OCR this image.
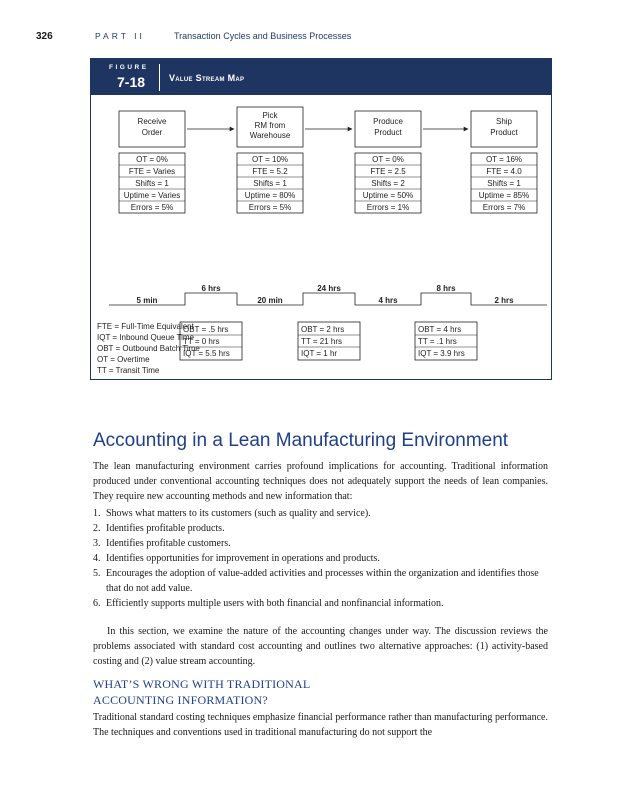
326	PART II	Transaction Cycles and Business Processes
FIGURE
7-18	Value Stream Map
Receive
Order
OT = 0%
FTE = Varies
Shifts = 1
Uptime = Varies
Errors = 5%
Pick
RM from
Warehouse
OT = 10%
FTE = 5.2
Shifts = 1
Uptime = 80%
Errors = 5%
Produce
Product
OT = 0%
FTE = 2.5
Shifts = 2
Uptime = 50%
Errors = 1%
Ship
Product
OT = 16%
FTE = 4.0
Shifts = 1
Uptime = 85%
Errors = 7%
5 min	20 min	4 hrs	2 hrs
6 hrs	24 hrs	8 hrs
OBT = .5 hrs
TT = 0 hrs
IQT = 5.5 hrs
OBT = 2 hrs
TT = 21 hrs
IQT = 1 hr
OBT = 4 hrs
TT = .1 hrs
IQT = 3.9 hrs
FTE = Full-Time Equivalent
IQT = Inbound Queue Time
OBT = Outbound Batch Time
OT = Overtime
TT = Transit Time
Accounting in a Lean Manufacturing Environment
The lean manufacturing environment carries profound implications for accounting. Traditional information produced under conventional accounting techniques does not adequately support the needs of lean companies. They require new accounting methods and new information that:
1. Shows what matters to its customers (such as quality and service).
2. Identifies profitable products.
3. Identifies profitable customers.
4. Identifies opportunities for improvement in operations and products.
5. Encourages the adoption of value-added activities and processes within the organization and identifies those that do not add value.
6. Efficiently supports multiple users with both financial and nonfinancial information.
In this section, we examine the nature of the accounting changes under way. The discussion reviews the problems associated with standard cost accounting and outlines two alternative approaches: (1) activity-based costing and (2) value stream accounting.
WHAT’S WRONG WITH TRADITIONAL
ACCOUNTING INFORMATION?
Traditional standard costing techniques emphasize financial performance rather than manufacturing performance. The techniques and conventions used in traditional manufacturing do not support the
